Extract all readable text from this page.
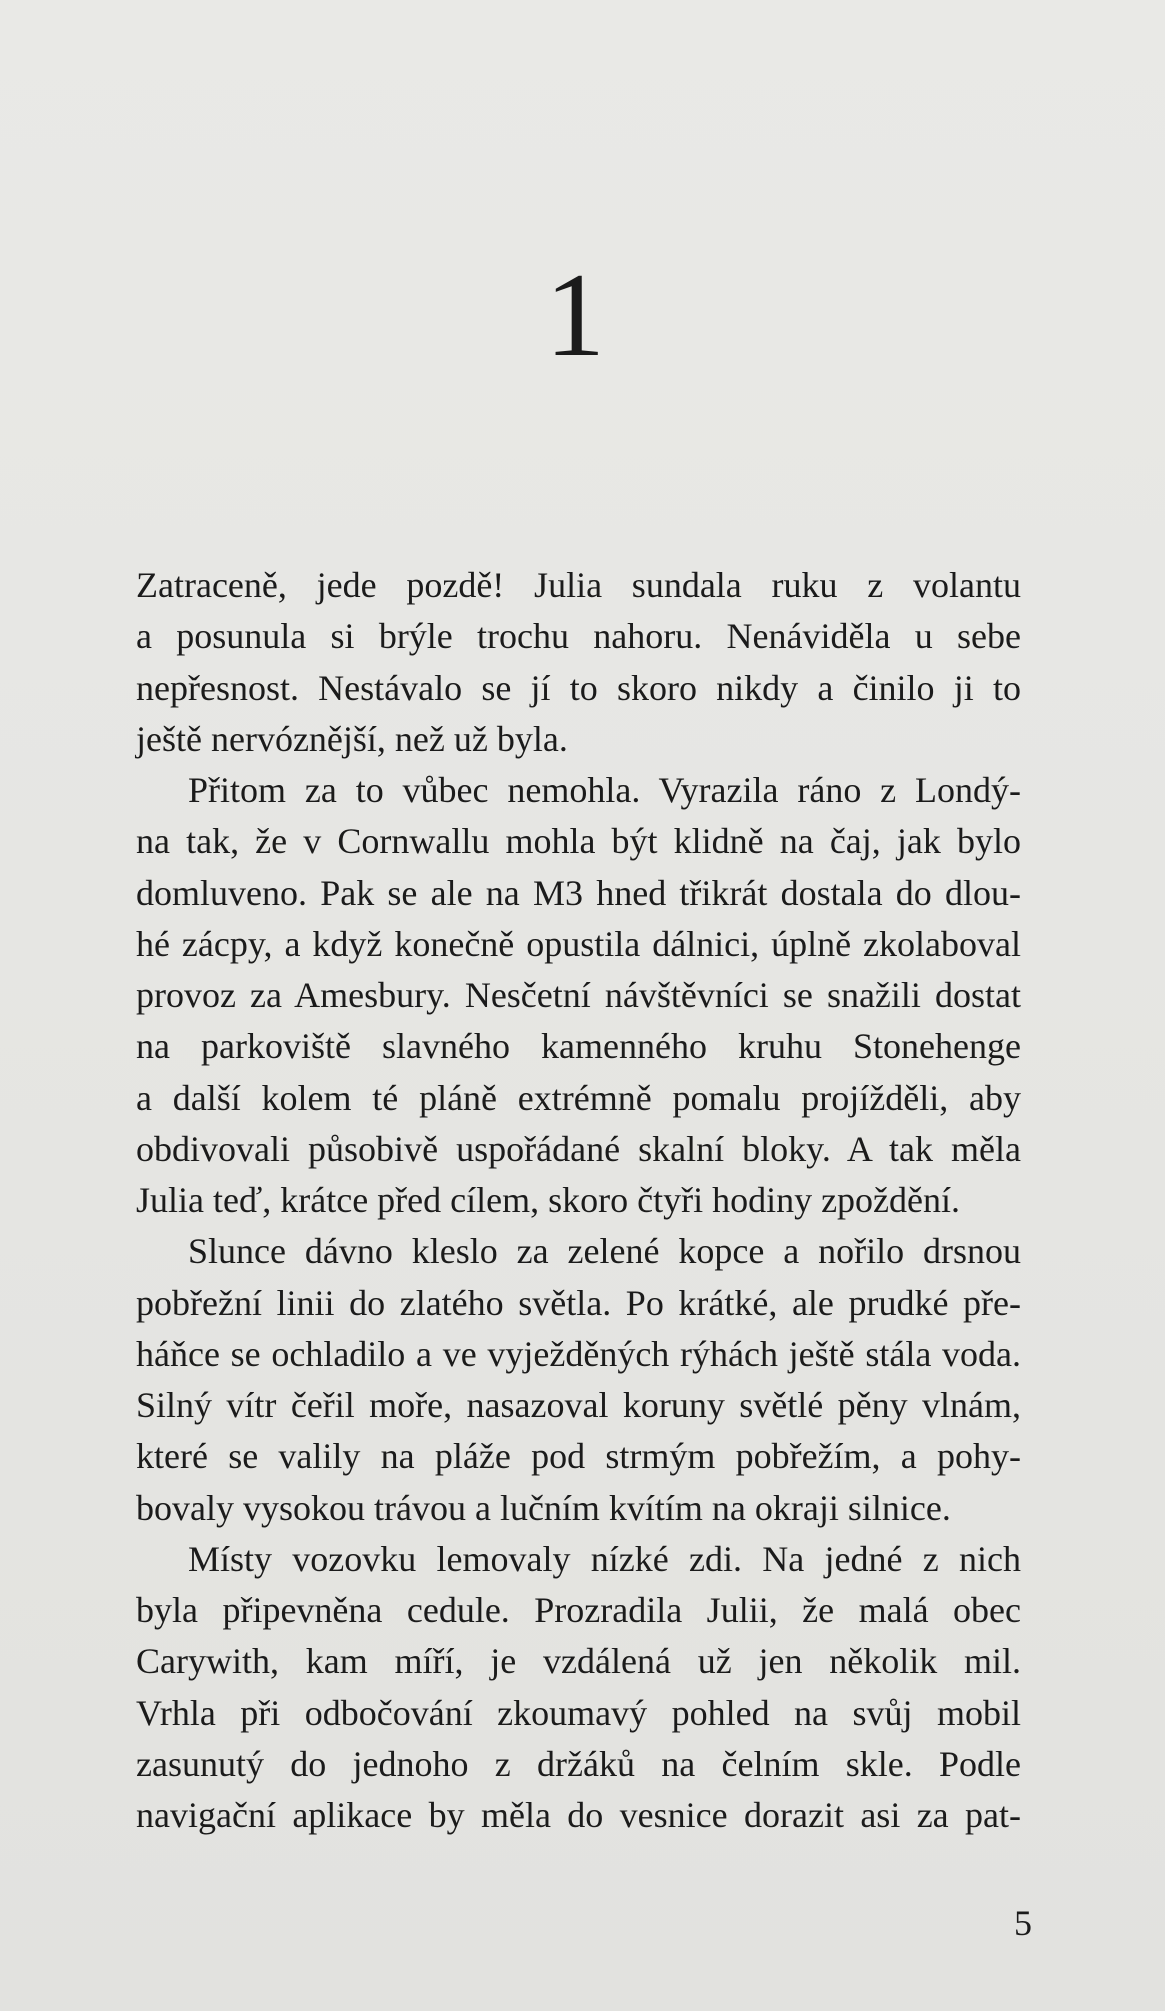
1
Zatraceně, jede pozdě! Julia sundala ruku z volantu
a posunula si brýle trochu nahoru. Nenáviděla u sebe
nepřesnost. Nestávalo se jí to skoro nikdy a činilo ji to
ještě nervóznější, než už byla.
Přitom za to vůbec nemohla. Vyrazila ráno z Londý-
na tak, že v Cornwallu mohla být klidně na čaj, jak bylo
domluveno. Pak se ale na M3 hned třikrát dostala do dlou-
hé zácpy, a když konečně opustila dálnici, úplně zkolaboval
provoz za Amesbury. Nesčetní návštěvníci se snažili dostat
na parkoviště slavného kamenného kruhu Stonehenge
a další kolem té pláně extrémně pomalu projížděli, aby
obdivovali působivě uspořádané skalní bloky. A tak měla
Julia teď, krátce před cílem, skoro čtyři hodiny zpoždění.
Slunce dávno kleslo za zelené kopce a nořilo drsnou
pobřežní linii do zlatého světla. Po krátké, ale prudké pře-
háňce se ochladilo a ve vyježděných rýhách ještě stála voda.
Silný vítr čeřil moře, nasazoval koruny světlé pěny vlnám,
které se valily na pláže pod strmým pobřežím, a pohy-
bovaly vysokou trávou a lučním kvítím na okraji silnice.
Místy vozovku lemovaly nízké zdi. Na jedné z nich
byla připevněna cedule. Prozradila Julii, že malá obec
Carywith, kam míří, je vzdálená už jen několik mil.
Vrhla při odbočování zkoumavý pohled na svůj mobil
zasunutý do jednoho z držáků na čelním skle. Podle
navigační aplikace by měla do vesnice dorazit asi za pat-

5
